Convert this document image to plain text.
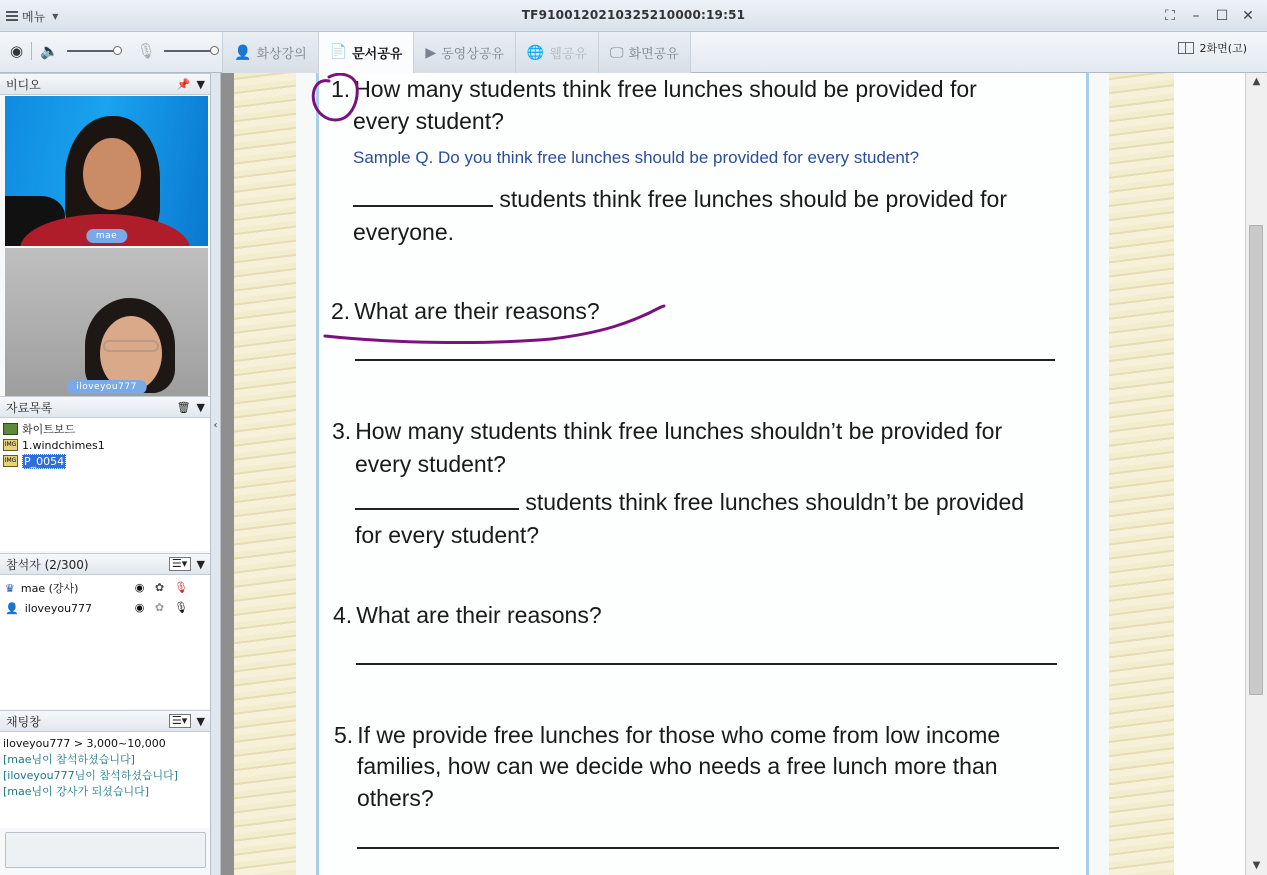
메뉴 ▼	TF9100120210325210000:19:51	⛶	–	☐ ✕
◉ 🔈	🎙	👤 화상강의 📄 문서공유 ▶ 동영상공유 🌐 웹공유 🖵 화면공유	2화면(고)
비디오	📌 ▼
mae
iloveyou777
자료목록	🗑 ▼
화이트보드
IMG 1.windchimes1
IMG P_0054
참석자 (2/300)	☰▾ ▼
♛ mae (강사)	◉ ✿ 🎙
👤 iloveyou777	◉ ✿ 🎙
채팅창	☰▾ ▼
iloveyou777 > 3,000~10,000
[mae님이 참석하셨습니다]
[iloveyou777님이 참석하셨습니다]
[mae님이 강사가 되셨습니다]
‹
1. How many students think free lunches should be provided for
every student?
Sample Q. Do you think free lunches should be provided for every student?
students think free lunches should be provided for
everyone.
2. What are their reasons?
3. How many students think free lunches shouldn’t be provided for
every student?
students think free lunches shouldn’t be provided
for every student?
4. What are their reasons?
5. If we provide free lunches for those who come from low income
families, how can we decide who needs a free lunch more than
others?
▲
▼
